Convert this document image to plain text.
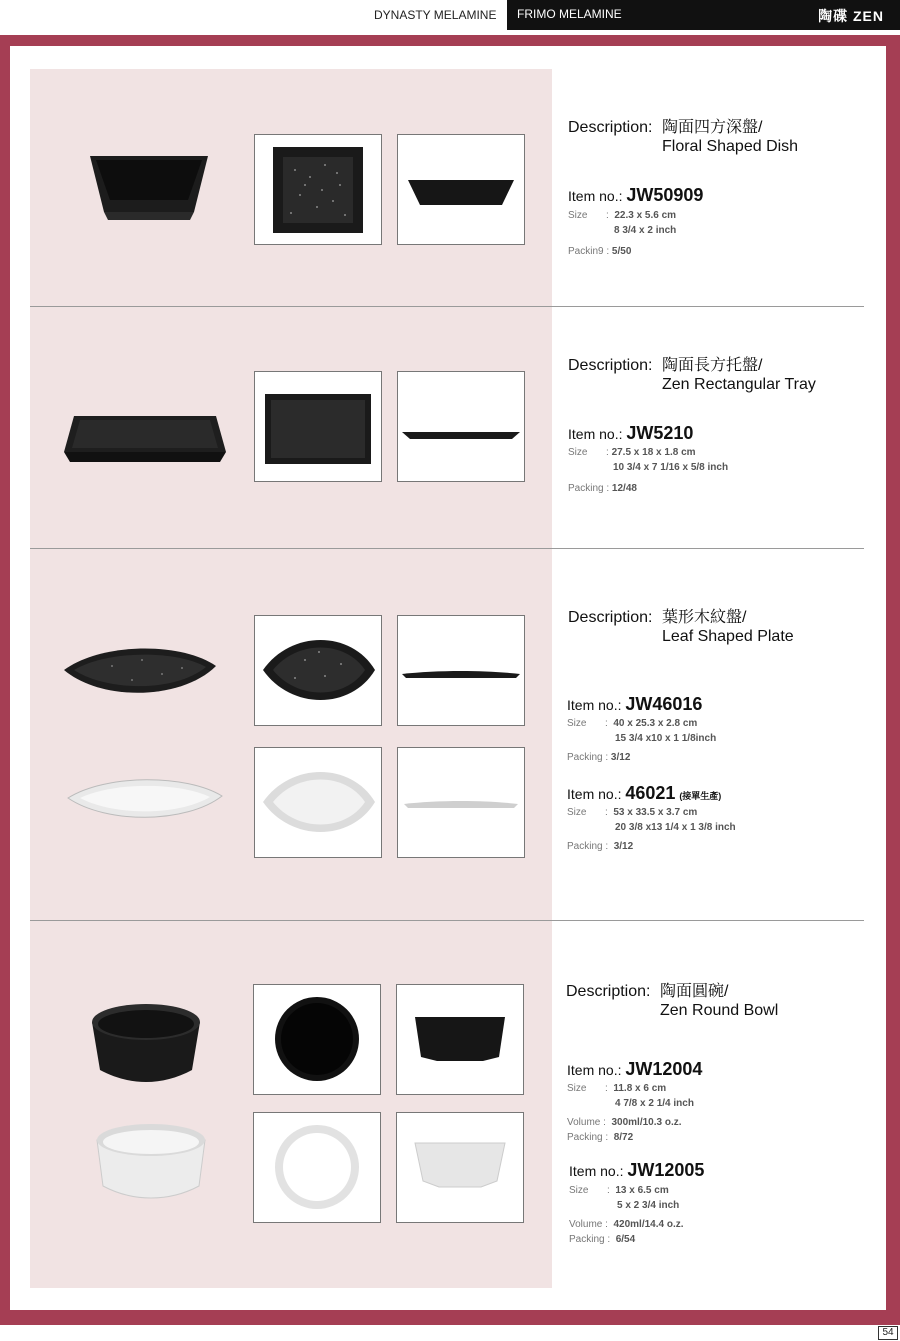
DYNASTY MELAMINE	FRIMO MELAMINE	陶碟 ZEN
Description: 陶面四方深盤/
Floral Shaped Dish
Item no.: JW50909
Size :  22.3 x 5.6 cm
8 3/4 x 2 inch
Packin9 : 5/50
Description: 陶面長方托盤/
Zen Rectangular Tray
Item no.: JW5210
Size : 27.5 x 18 x 1.8 cm
10 3/4 x 7 1/16 x 5/8 inch
Packing : 12/48
Description: 葉形木紋盤/
Leaf Shaped Plate
Item no.: JW46016
Size :  40 x 25.3 x 2.8 cm
15 3/4 x10 x 1 1/8inch
Packing : 3/12
Item no.: 46021 (接單生產)
Size :  53 x 33.5 x 3.7 cm
20 3/8 x13 1/4 x 1 3/8 inch
Packing : 3/12
Description: 陶面圓碗/
Zen Round Bowl
Item no.: JW12004
Size :  11.8 x 6 cm
4 7/8 x 2 1/4 inch
Volume : 300ml/10.3 o.z.
Packing : 8/72
Item no.: JW12005
Size :  13 x 6.5 cm
5 x 2 3/4 inch
Volume : 420ml/14.4 o.z.
Packing : 6/54
54
